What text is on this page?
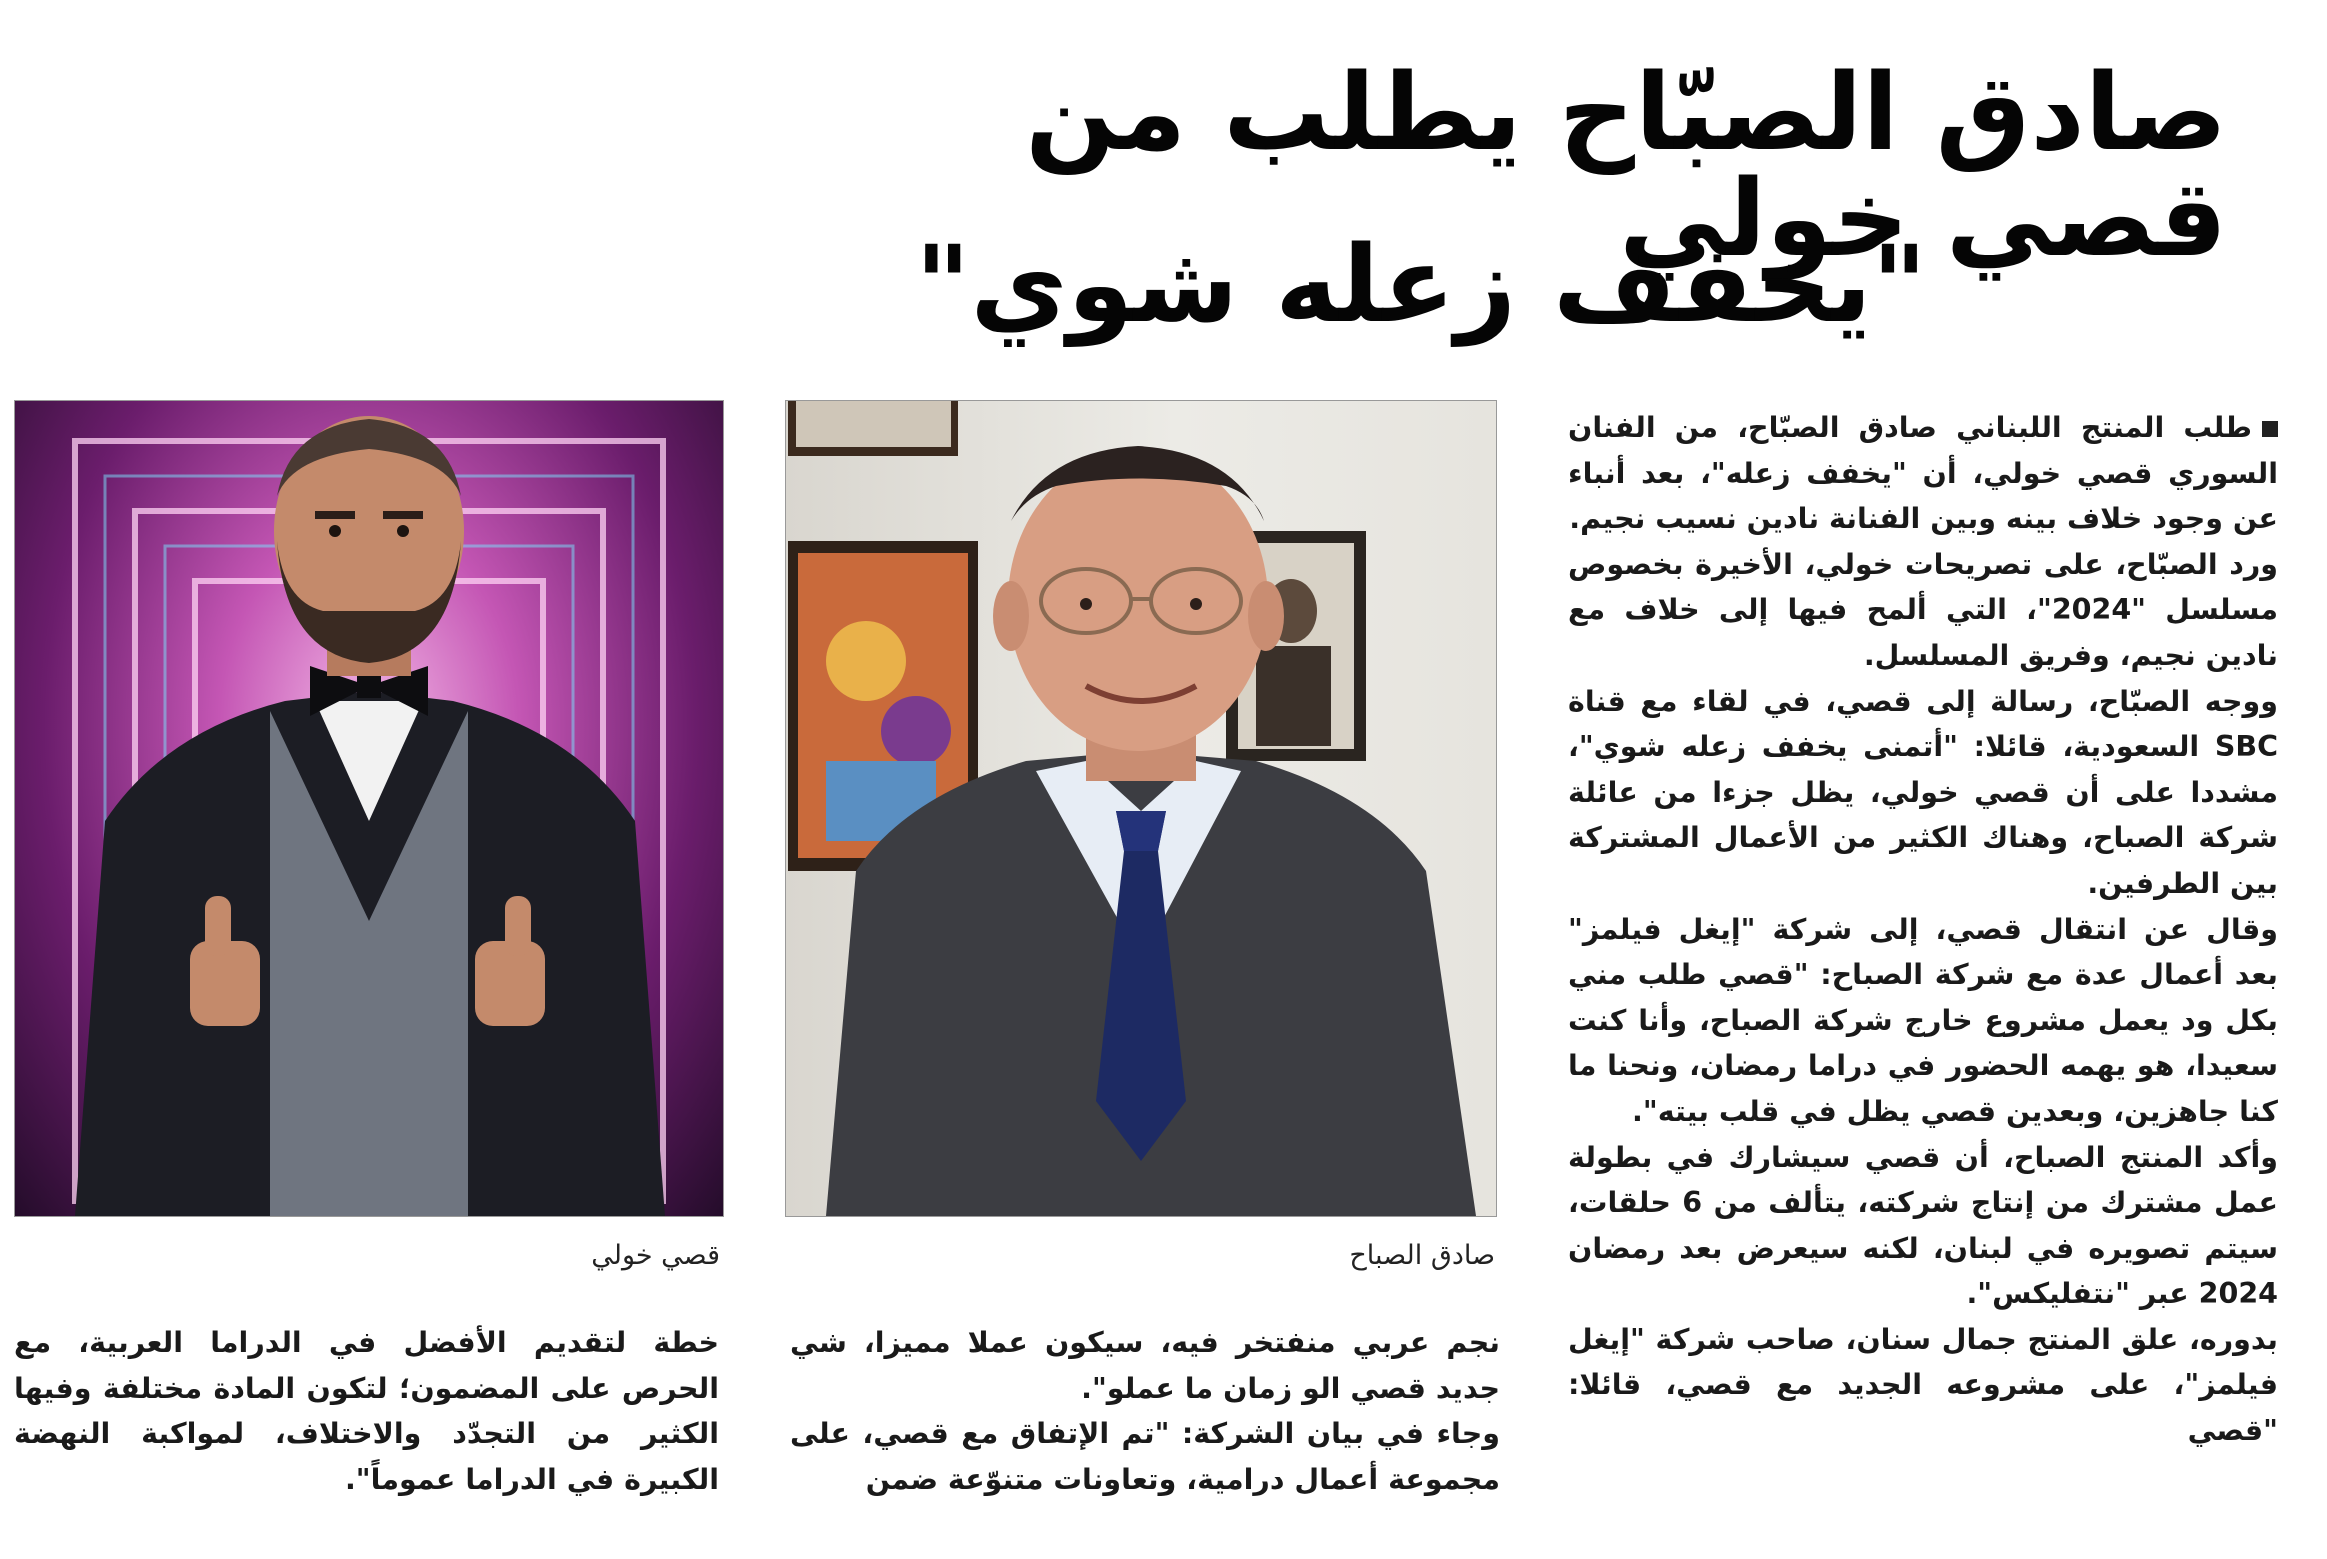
صادق الصبّاح يطلب من قصي خولي
"يخفف زعله شوي"

طلب المنتج اللبناني صادق الصبّاح، من الفنان السوري قصي خولي، أن "يخفف زعله"، بعد أنباء عن وجود خلاف بينه وبين الفنانة نادين نسيب نجيم.

ورد الصبّاح، على تصريحات خولي، الأخيرة بخصوص مسلسل "2024"، التي ألمح فيها إلى خلاف مع نادين نجيم، وفريق المسلسل.

ووجه الصبّاح، رسالة إلى قصي، في لقاء مع قناة SBC السعودية، قائلا: "أتمنى يخفف زعله شوي"، مشددا على أن قصي خولي، يظل جزءا من عائلة شركة الصباح، وهناك الكثير من الأعمال المشتركة بين الطرفين.

وقال عن انتقال قصي، إلى شركة "إيغل فيلمز" بعد أعمال عدة مع شركة الصباح: "قصي طلب مني بكل ود يعمل مشروع خارج شركة الصباح، وأنا كنت سعيدا، هو يهمه الحضور في دراما رمضان، ونحنا ما كنا جاهزين، وبعدين قصي يظل في قلب بيته".

وأكد المنتج الصباح، أن قصي سيشارك في بطولة عمل مشترك من إنتاج شركته، يتألف من 6 حلقات، سيتم تصويره في لبنان، لكنه سيعرض بعد رمضان 2024 عبر "نتفليكس".

بدوره، علق المنتج جمال سنان، صاحب شركة "إيغل فيلمز"، على مشروعه الجديد مع قصي، قائلا: "قصي

صادق الصباح
قصي خولي

نجم عربي منفتخر فيه، سيكون عملا مميزا، شي جديد قصي الو زمان ما عملو".

وجاء في بيان الشركة: "تم الإتفاق مع قصي، على مجموعة أعمال درامية، وتعاونات متنوّعة ضمن

خطة لتقديم الأفضل في الدراما العربية، مع الحرص على المضمون؛ لتكون المادة مختلفة وفيها الكثير من التجدّد والاختلاف، لمواكبة النهضة الكبيرة في الدراما عموماً".
